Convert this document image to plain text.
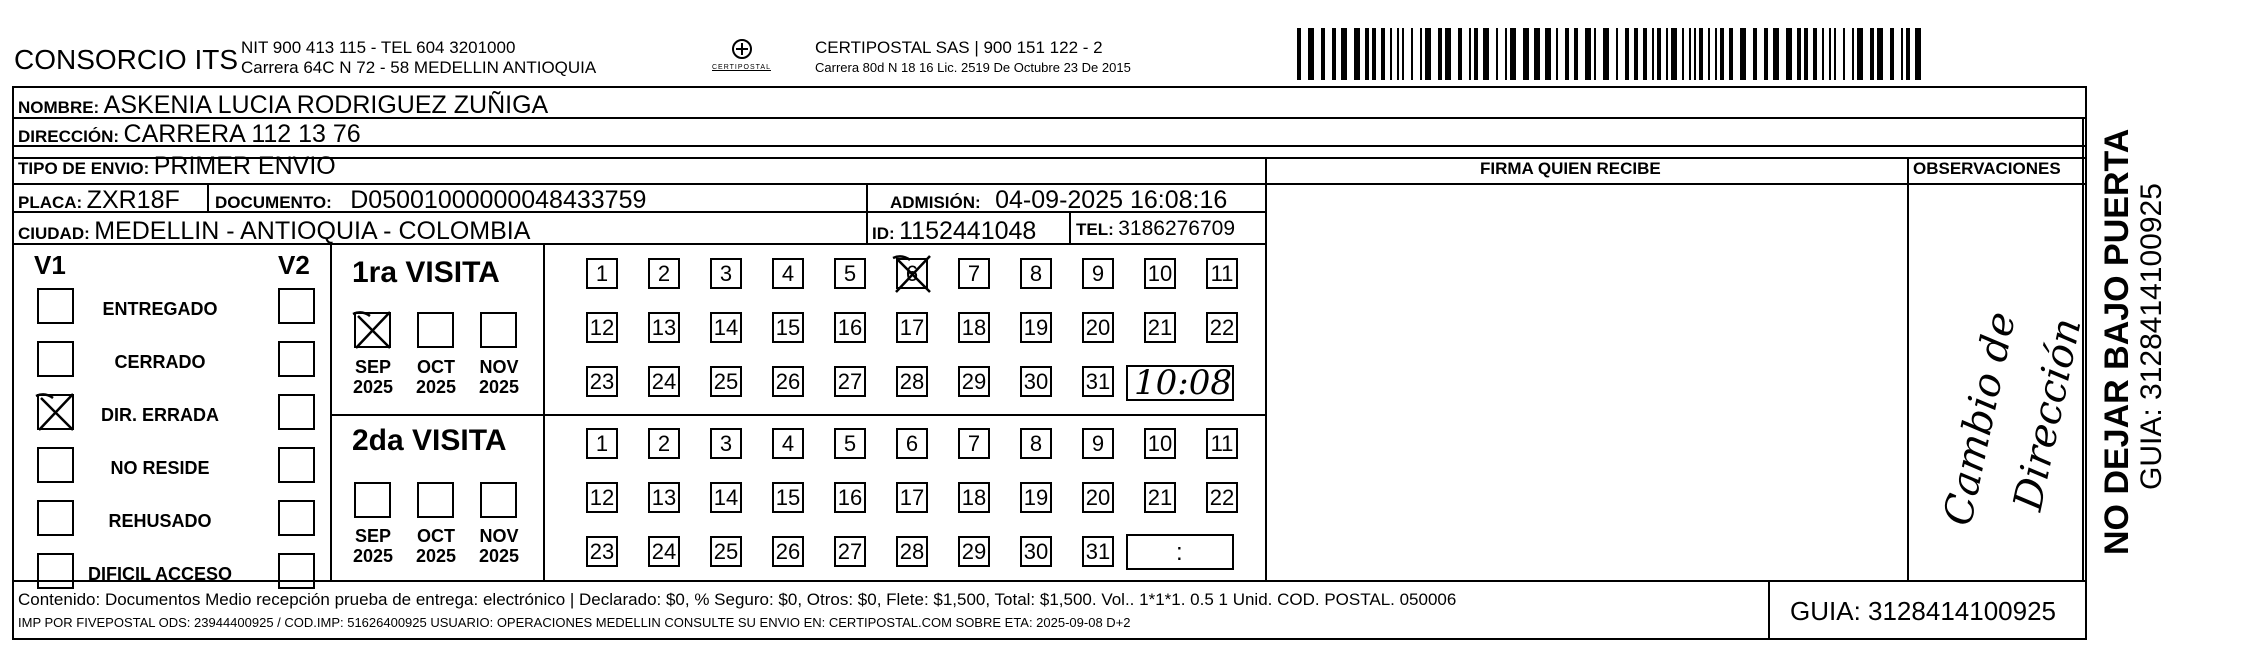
CONSORCIO ITS NIT 900 413 115 - TEL 604 3201000
Carrera 64C N 72 - 58 MEDELLIN ANTIOQUIA	CERTIPOSTAL
CERTIPOSTAL SAS | 900 151 122 - 2
Carrera 80d N 18 16 Lic. 2519 De Octubre 23 De 2015
NOMBRE: ASKENIA LUCIA RODRIGUEZ ZUÑIGA
DIRECCIÓN: CARRERA 112 13 76
TIPO DE ENVIO: PRIMER ENVIO
PLACA: ZXR18F DOCUMENTO: D05001000000048433759	ADMISIÓN: 04-09-2025 16:08:16
CIUDAD: MEDELLIN - ANTIOQUIA - COLOMBIA	ID: 1152441048 TEL: 3186276709
FIRMA QUIEN RECIBE	OBSERVACIONES
Cambio de
Dirección
V1	V2
ENTREGADO
CERRADO
DIR. ERRADA
NO RESIDE
REHUSADO
DIFICIL ACCESO
1ra VISITA
2da VISITA
SEP
2025
OCT
2025
NOV
2025
SEP
2025
OCT
2025
NOV
2025
1	2	3	4	5	6	7	8	9	10 11
12 13 14 15 16 17 18 19 20 21 22
23 24 25 26 27 28 29 30 31
1	2	3	4	5	6	7	8	9	10 11
12 13 14 15 16 17 18 19 20 21 22
23 24 25 26 27 28 29 30 31
10:08
:
Contenido: Documentos Medio recepción prueba de entrega: electrónico | Declarado: $0, % Seguro: $0, Otros: $0, Flete: $1,500, Total: $1,500. Vol.. 1*1*1. 0.5 1 Unid. COD. POSTAL. 050006
IMP POR FIVEPOSTAL ODS: 23944400925 / COD.IMP: 51626400925 USUARIO: OPERACIONES MEDELLIN CONSULTE SU ENVIO EN: CERTIPOSTAL.COM SOBRE ETA: 2025-09-08 D+2	GUIA: 3128414100925
NO DEJAR BAJO PUERTA GUIA: 3128414100925
